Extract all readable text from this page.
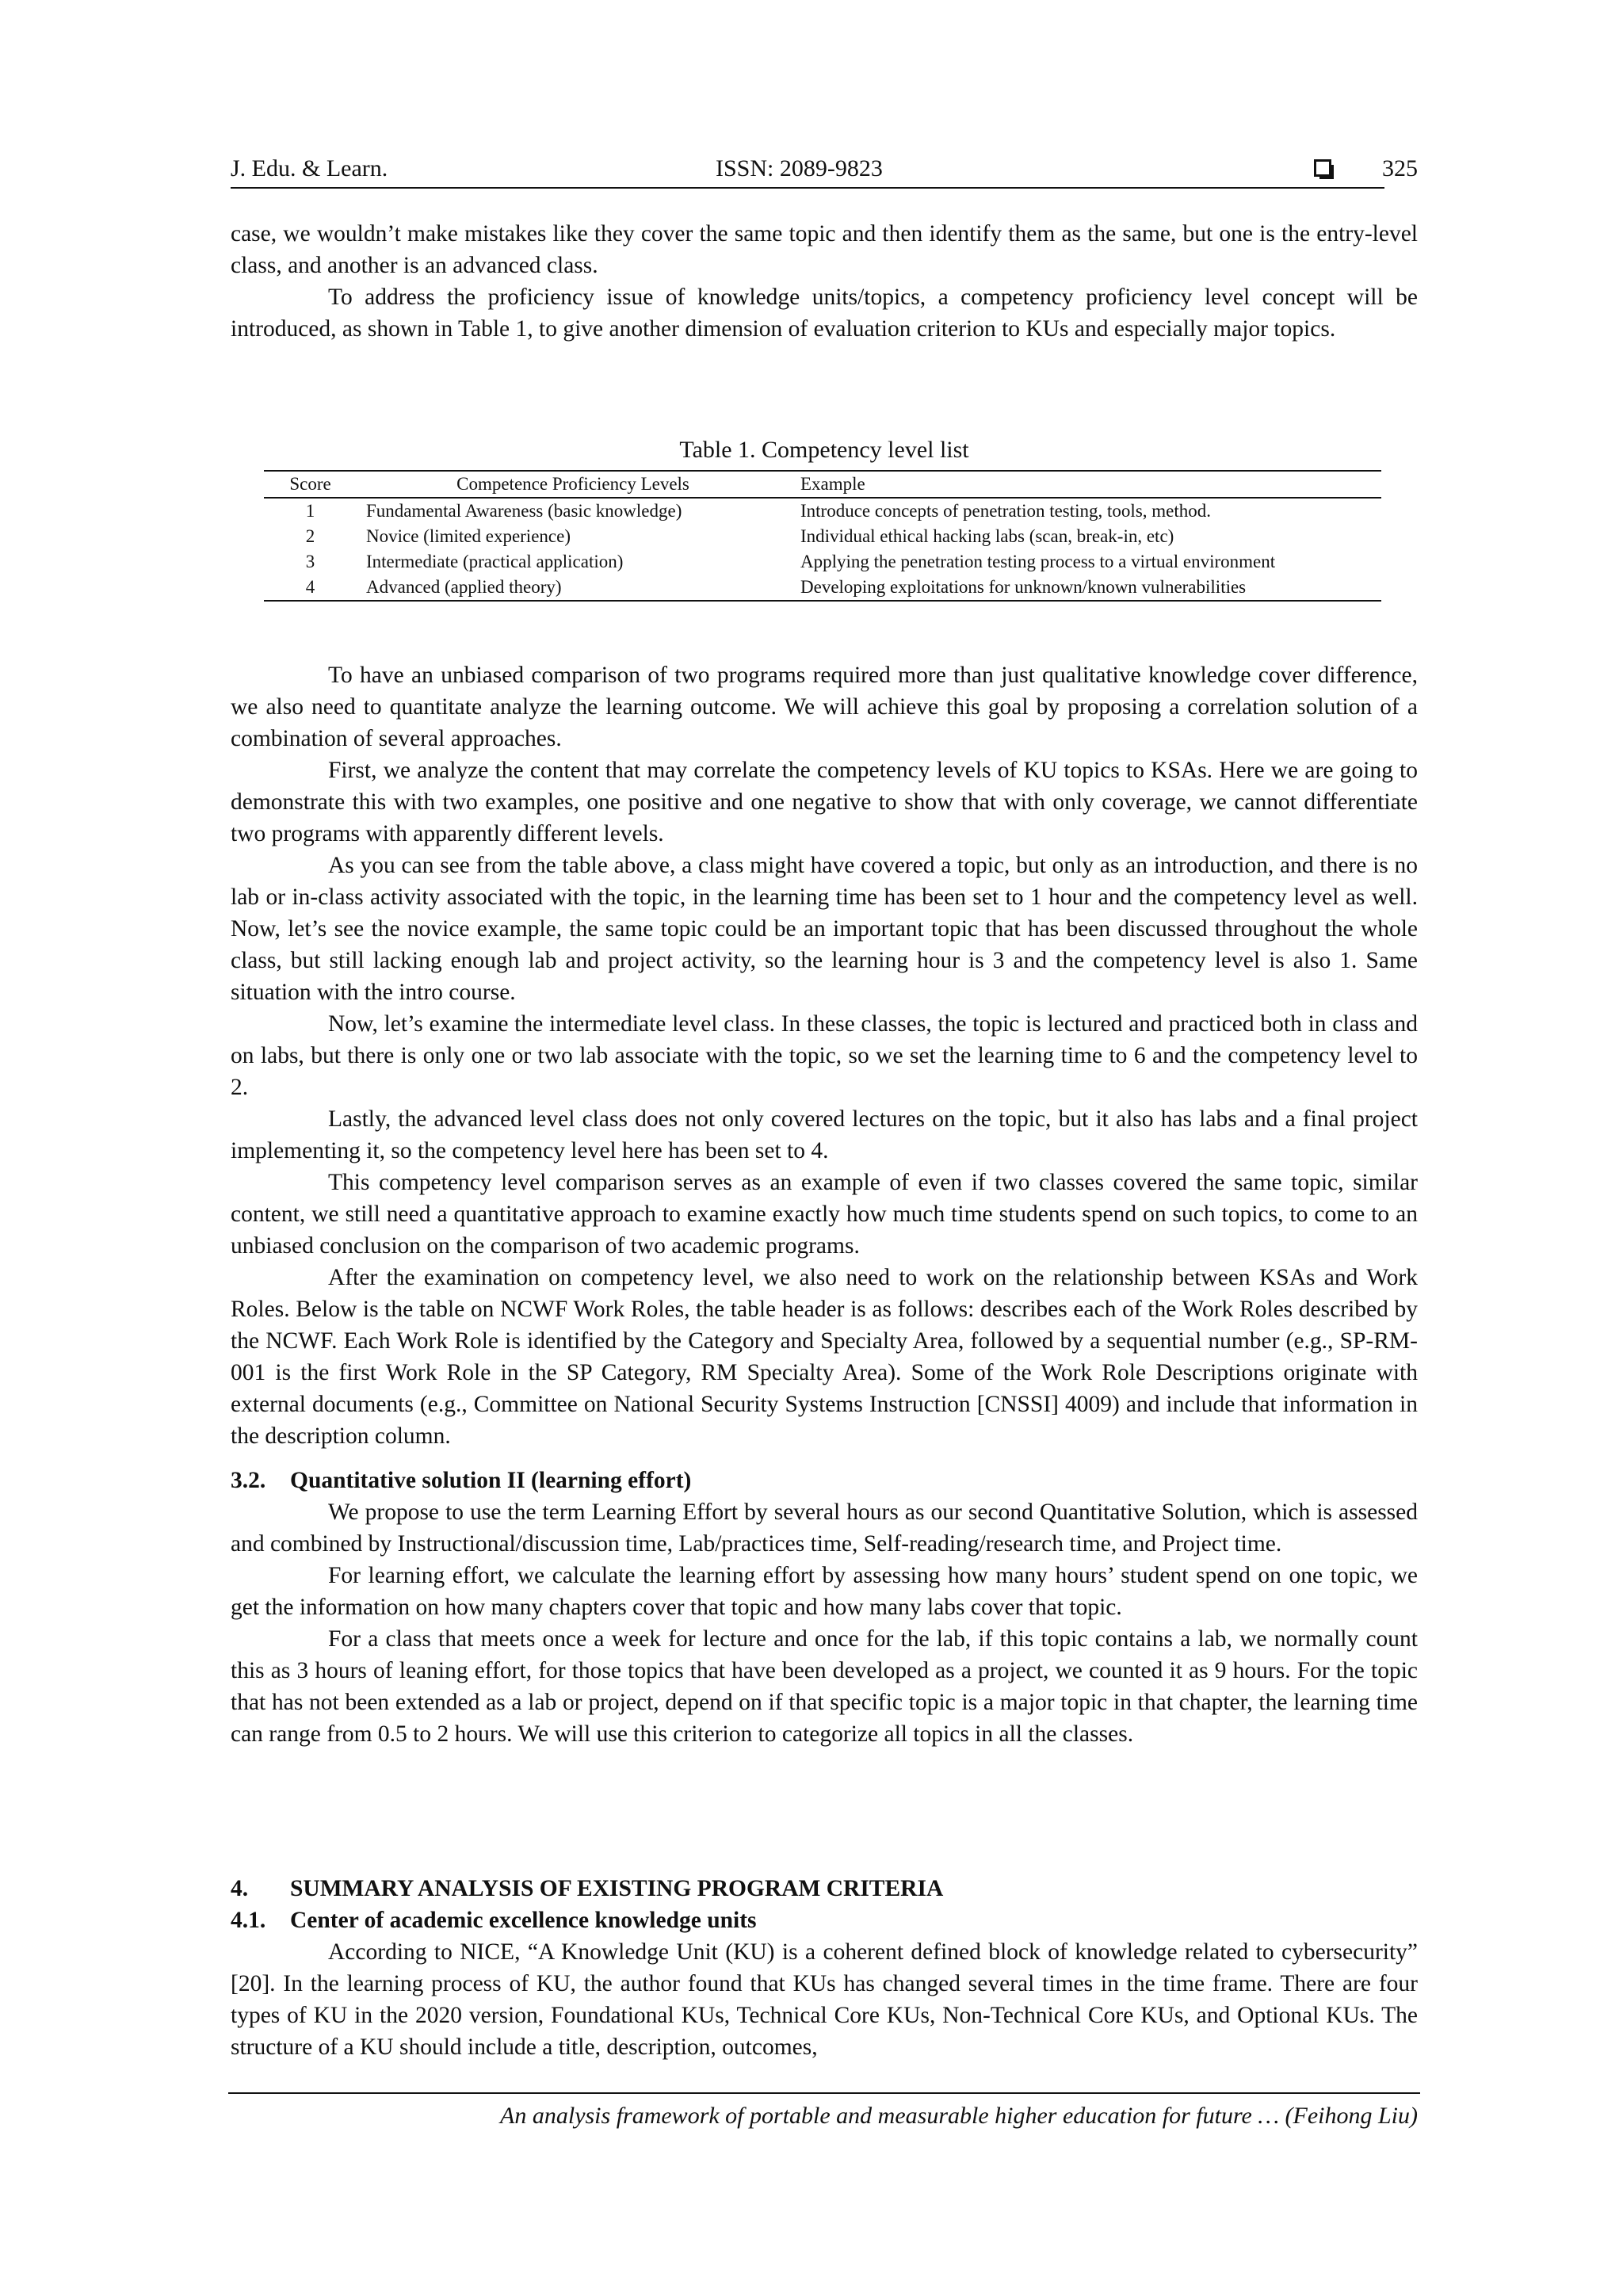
J. Edu. & Learn.	ISSN: 2089-9823	325

case, we wouldn’t make mistakes like they cover the same topic and then identify them as the same, but one is the entry-level class, and another is an advanced class.

To address the proficiency issue of knowledge units/topics, a competency proficiency level concept will be introduced, as shown in Table 1, to give another dimension of evaluation criterion to KUs and especially major topics.

Table 1. Competency level list
Score	Competence Proficiency Levels	Example
1	Fundamental Awareness (basic knowledge)	Introduce concepts of penetration testing, tools, method.
2	Novice (limited experience)	Individual ethical hacking labs (scan, break-in, etc)
3	Intermediate (practical application)	Applying the penetration testing process to a virtual environment
4	Advanced (applied theory)	Developing exploitations for unknown/known vulnerabilities

To have an unbiased comparison of two programs required more than just qualitative knowledge cover difference, we also need to quantitate analyze the learning outcome. We will achieve this goal by proposing a correlation solution of a combination of several approaches.

First, we analyze the content that may correlate the competency levels of KU topics to KSAs. Here we are going to demonstrate this with two examples, one positive and one negative to show that with only coverage, we cannot differentiate two programs with apparently different levels.

As you can see from the table above, a class might have covered a topic, but only as an introduction, and there is no lab or in-class activity associated with the topic, in the learning time has been set to 1 hour and the competency level as well. Now, let’s see the novice example, the same topic could be an important topic that has been discussed throughout the whole class, but still lacking enough lab and project activity, so the learning hour is 3 and the competency level is also 1. Same situation with the intro course.

Now, let’s examine the intermediate level class. In these classes, the topic is lectured and practiced both in class and on labs, but there is only one or two lab associate with the topic, so we set the learning time to 6 and the competency level to 2.

Lastly, the advanced level class does not only covered lectures on the topic, but it also has labs and a final project implementing it, so the competency level here has been set to 4.

This competency level comparison serves as an example of even if two classes covered the same topic, similar content, we still need a quantitative approach to examine exactly how much time students spend on such topics, to come to an unbiased conclusion on the comparison of two academic programs.

After the examination on competency level, we also need to work on the relationship between KSAs and Work Roles. Below is the table on NCWF Work Roles, the table header is as follows: describes each of the Work Roles described by the NCWF. Each Work Role is identified by the Category and Specialty Area, followed by a sequential number (e.g., SP-RM-001 is the first Work Role in the SP Category, RM Specialty Area). Some of the Work Role Descriptions originate with external documents (e.g., Committee on National Security Systems Instruction [CNSSI] 4009) and include that information in the description column.

3.2. Quantitative solution II (learning effort)

We propose to use the term Learning Effort by several hours as our second Quantitative Solution, which is assessed and combined by Instructional/discussion time, Lab/practices time, Self-reading/research time, and Project time.

For learning effort, we calculate the learning effort by assessing how many hours’ student spend on one topic, we get the information on how many chapters cover that topic and how many labs cover that topic.

For a class that meets once a week for lecture and once for the lab, if this topic contains a lab, we normally count this as 3 hours of leaning effort, for those topics that have been developed as a project, we counted it as 9 hours. For the topic that has not been extended as a lab or project, depend on if that specific topic is a major topic in that chapter, the learning time can range from 0.5 to 2 hours. We will use this criterion to categorize all topics in all the classes.

4. SUMMARY ANALYSIS OF EXISTING PROGRAM CRITERIA
4.1. Center of academic excellence knowledge units

According to NICE, “A Knowledge Unit (KU) is a coherent defined block of knowledge related to cybersecurity” [20]. In the learning process of KU, the author found that KUs has changed several times in the time frame. There are four types of KU in the 2020 version, Foundational KUs, Technical Core KUs, Non-Technical Core KUs, and Optional KUs. The structure of a KU should include a title, description, outcomes,

An analysis framework of portable and measurable higher education for future … (Feihong Liu)
